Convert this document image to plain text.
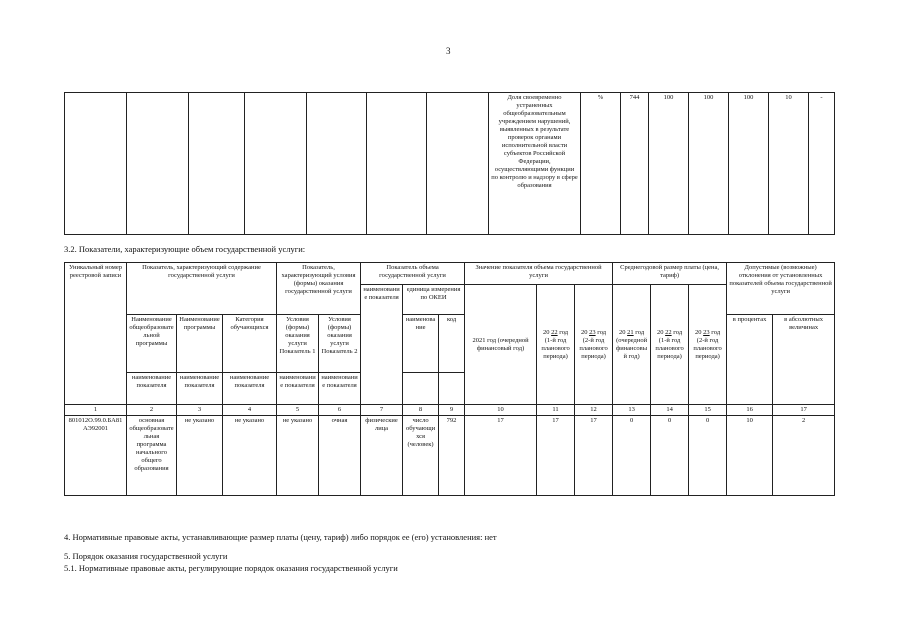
3
							Доля своевременно устраненных общеобразовательным учреждением нарушений, выявленных в результате проверок органами исполнительной власти субъектов Российской Федерации, осуществляющими функции по контролю и надзору в сфере образования	%	744	100	100	100	10	-
3.2. Показатели, характеризующие объем государственной услуги:
Уникальный номер реестровой записи	Показатель, характеризующий содержание государственной услуги			Показатель, характеризующий условия (формы) оказания государственной услуги		Показатель объема государственной услуги			Значение показателя объема государственной услуги			Среднегодовой размер платы (цена, тариф)			Допустимые (возможные) отклонения от установленных показателей объема государственной услуги	
						наименование показателя	единица измерения по ОКЕИ		2021 год (очередной финансовый год)	20 22 год (1-й год планового периода)	20 23 год (2-й год планового периода)	20 21 год (очередной финансовый год)	20 22 год (1-й год планового периода)	20 23 год (2-й год планового периода)		
	Наименование общеобразовательной программы	Наименование программы	Категория обучающихся	Условия (формы) оказания услуги Показатель 1	Условия (формы) оказания услуги Показатель 2		наименование	код							в процентах	в абсолютных величинах
	наименование показателя	наименование показателя	наименование показателя	наименование показателя	наименование показателя											
1	2	3	4	5	6	7	8	9	10	11	12	13	14	15	16	17
801012О.99.0.БА81АЭ92001	основная общеобразовательная программа начального общего образования	не указано	не указано	не указано	очная	физические лица	число обучающихся (человек)	792	17	17	17	0	0	0	10	2
4. Нормативные правовые акты, устанавливающие размер платы (цену, тариф) либо порядок ее (его) установления: нет
5. Порядок оказания государственной услуги
5.1. Нормативные правовые акты, регулирующие порядок оказания государственной услуги
